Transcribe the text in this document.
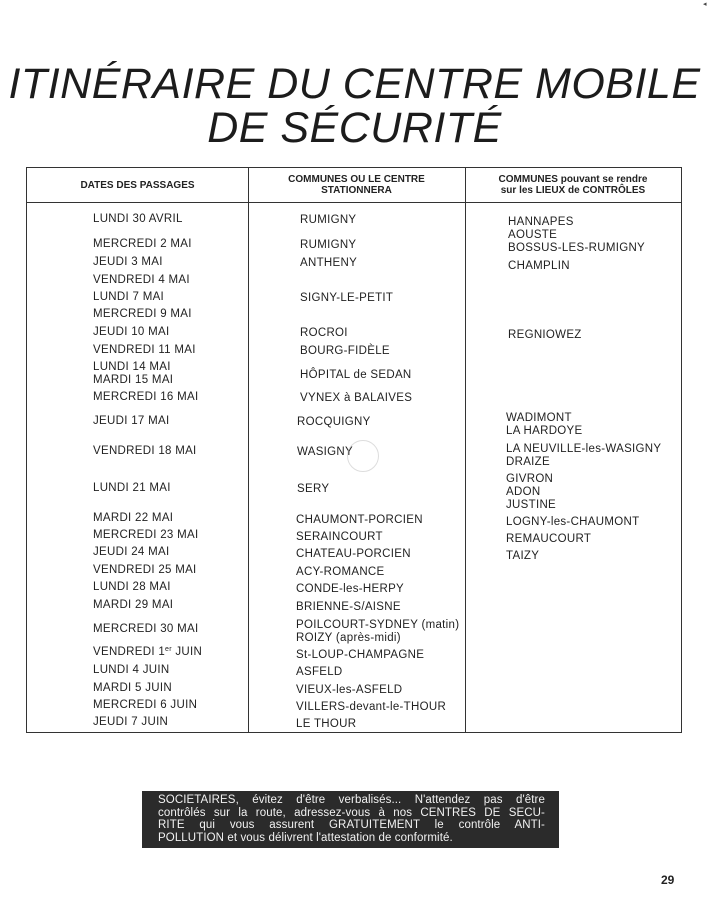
◂
ITINÉRAIRE DU CENTRE MOBILE
DE SÉCURITÉ
DATES DES PASSAGES	COMMUNES OU LE CENTRE
STATIONNERA
COMMUNES pouvant se rendre
sur les LIEUX de CONTRÔLES
LUNDI 30 AVRIL
MERCREDI 2 MAI
JEUDI 3 MAI
VENDREDI 4 MAI
LUNDI 7 MAI
MERCREDI 9 MAI
JEUDI 10 MAI
VENDREDI 11 MAI
LUNDI 14 MAI
MARDI 15 MAI
MERCREDI 16 MAI
JEUDI 17 MAI
VENDREDI 18 MAI
LUNDI 21 MAI
MARDI 22 MAI
MERCREDI 23 MAI
JEUDI 24 MAI
VENDREDI 25 MAI
LUNDI 28 MAI
MARDI 29 MAI
MERCREDI 30 MAI
VENDREDI 1er JUIN
LUNDI 4 JUIN
MARDI 5 JUIN
MERCREDI 6 JUIN
JEUDI 7 JUIN
RUMIGNY
RUMIGNY
ANTHENY
SIGNY-LE-PETIT
ROCROI
BOURG-FIDÈLE
HÔPITAL de SEDAN
VYNEX à BALAIVES
ROCQUIGNY
WASIGNY
SERY
CHAUMONT-PORCIEN
SERAINCOURT
CHATEAU-PORCIEN
ACY-ROMANCE
CONDE-les-HERPY
BRIENNE-S/AISNE
POILCOURT-SYDNEY (matin)
ROIZY (après-midi)
St-LOUP-CHAMPAGNE
ASFELD
VIEUX-les-ASFELD
VILLERS-devant-le-THOUR
LE THOUR
HANNAPES
AOUSTE
BOSSUS-LES-RUMIGNY
CHAMPLIN
REGNIOWEZ
WADIMONT
LA HARDOYE
LA NEUVILLE-les-WASIGNY
DRAIZE
GIVRON
ADON
JUSTINE
LOGNY-les-CHAUMONT
REMAUCOURT
TAIZY
SOCIETAIRES, évitez d'être verbalisés... N'attendez pas d'être
contrôlés sur la route, adressez-vous à nos CENTRES DE SECU-
RITE qui vous assurent GRATUITEMENT le contrôle ANTI-
POLLUTION et vous délivrent l'attestation de conformité.
29
